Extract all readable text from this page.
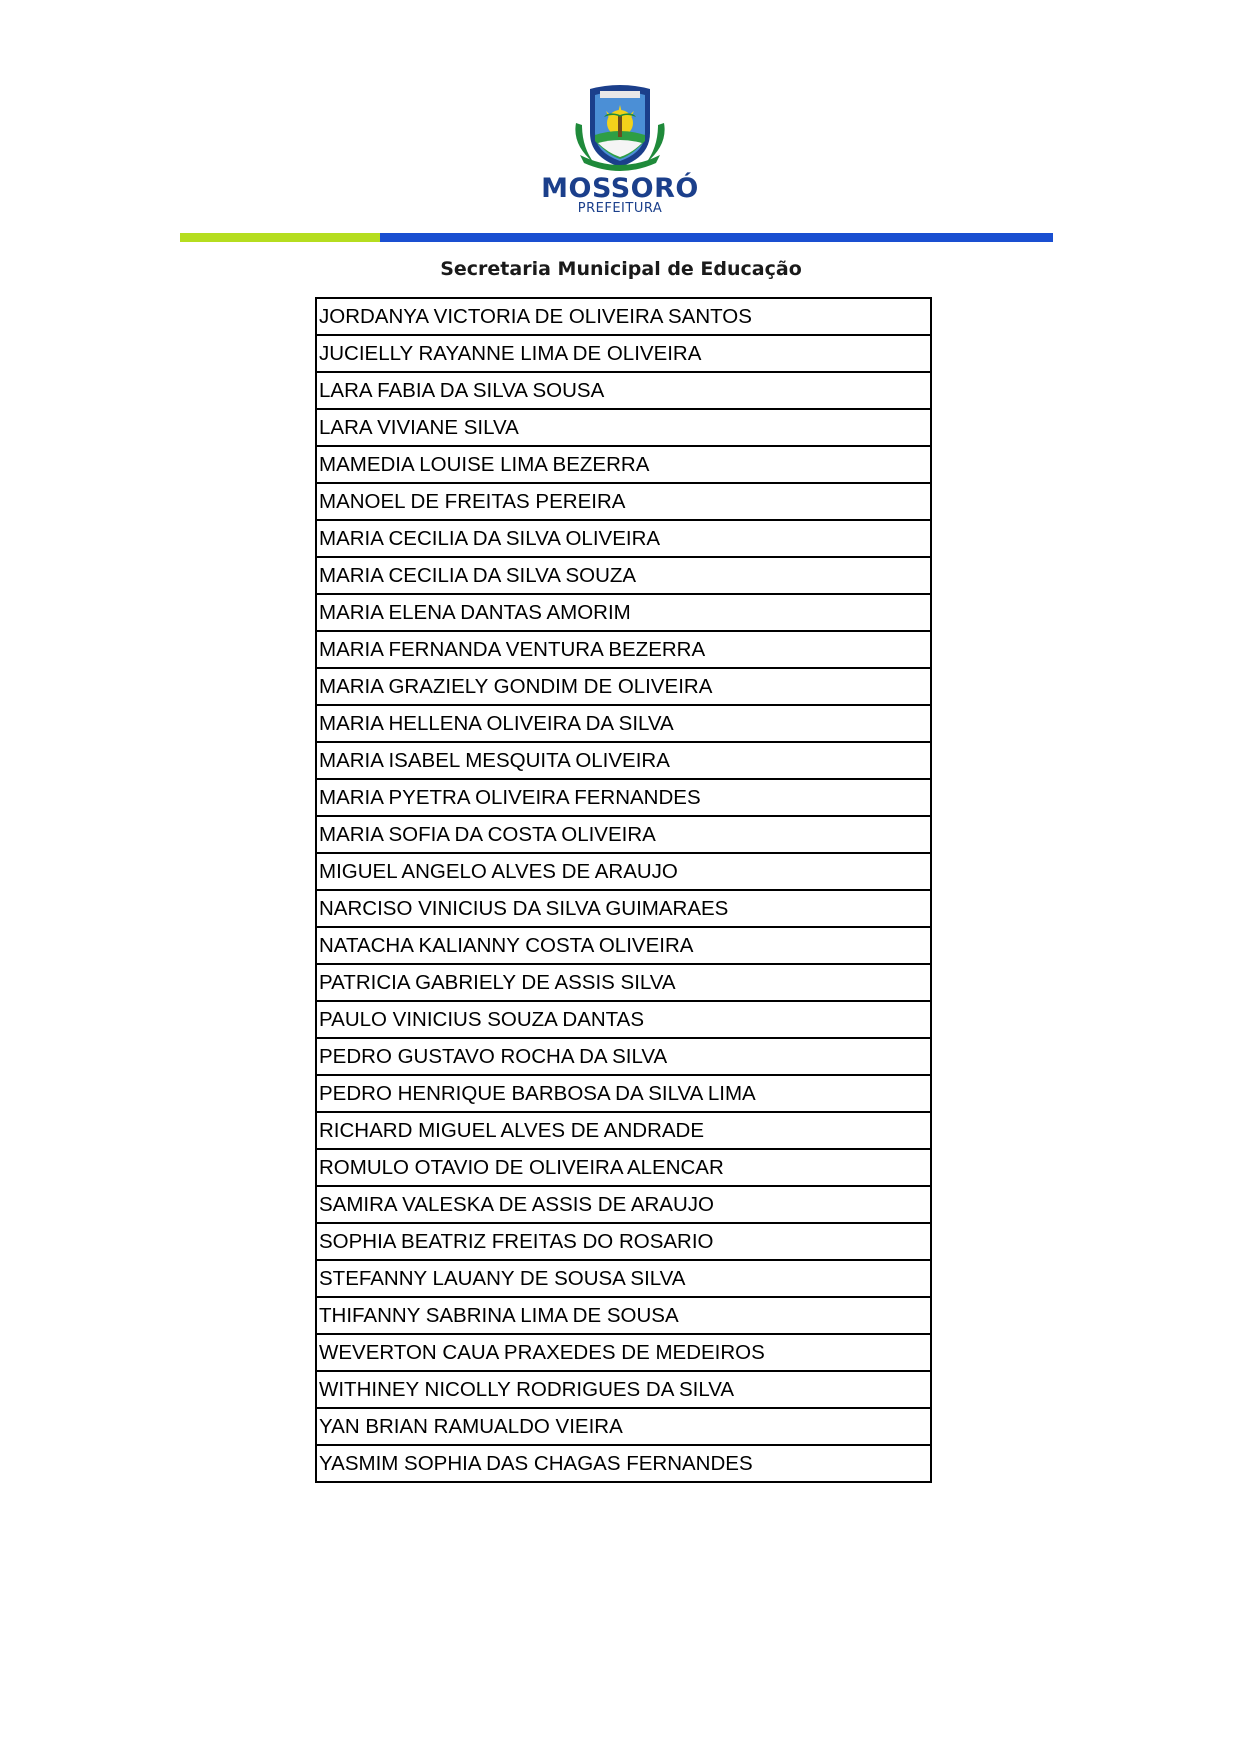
MOSSORÓ
PREFEITURA
Secretaria Municipal de Educação
JORDANYA VICTORIA DE OLIVEIRA SANTOS
JUCIELLY RAYANNE LIMA DE OLIVEIRA
LARA FABIA DA SILVA SOUSA
LARA VIVIANE SILVA
MAMEDIA LOUISE LIMA BEZERRA
MANOEL DE FREITAS PEREIRA
MARIA CECILIA DA SILVA OLIVEIRA
MARIA CECILIA DA SILVA SOUZA
MARIA ELENA DANTAS AMORIM
MARIA FERNANDA VENTURA BEZERRA
MARIA GRAZIELY GONDIM DE OLIVEIRA
MARIA HELLENA OLIVEIRA DA SILVA
MARIA ISABEL MESQUITA OLIVEIRA
MARIA PYETRA OLIVEIRA FERNANDES
MARIA SOFIA DA COSTA OLIVEIRA
MIGUEL ANGELO ALVES DE ARAUJO
NARCISO VINICIUS DA SILVA GUIMARAES
NATACHA KALIANNY COSTA OLIVEIRA
PATRICIA GABRIELY DE ASSIS SILVA
PAULO VINICIUS SOUZA DANTAS
PEDRO GUSTAVO ROCHA DA SILVA
PEDRO HENRIQUE BARBOSA DA SILVA LIMA
RICHARD MIGUEL ALVES DE ANDRADE
ROMULO OTAVIO DE OLIVEIRA ALENCAR
SAMIRA VALESKA DE ASSIS DE ARAUJO
SOPHIA BEATRIZ FREITAS DO ROSARIO
STEFANNY LAUANY DE SOUSA SILVA
THIFANNY SABRINA LIMA DE SOUSA
WEVERTON CAUA PRAXEDES DE MEDEIROS
WITHINEY NICOLLY RODRIGUES DA SILVA
YAN BRIAN RAMUALDO VIEIRA
YASMIM SOPHIA DAS CHAGAS FERNANDES
